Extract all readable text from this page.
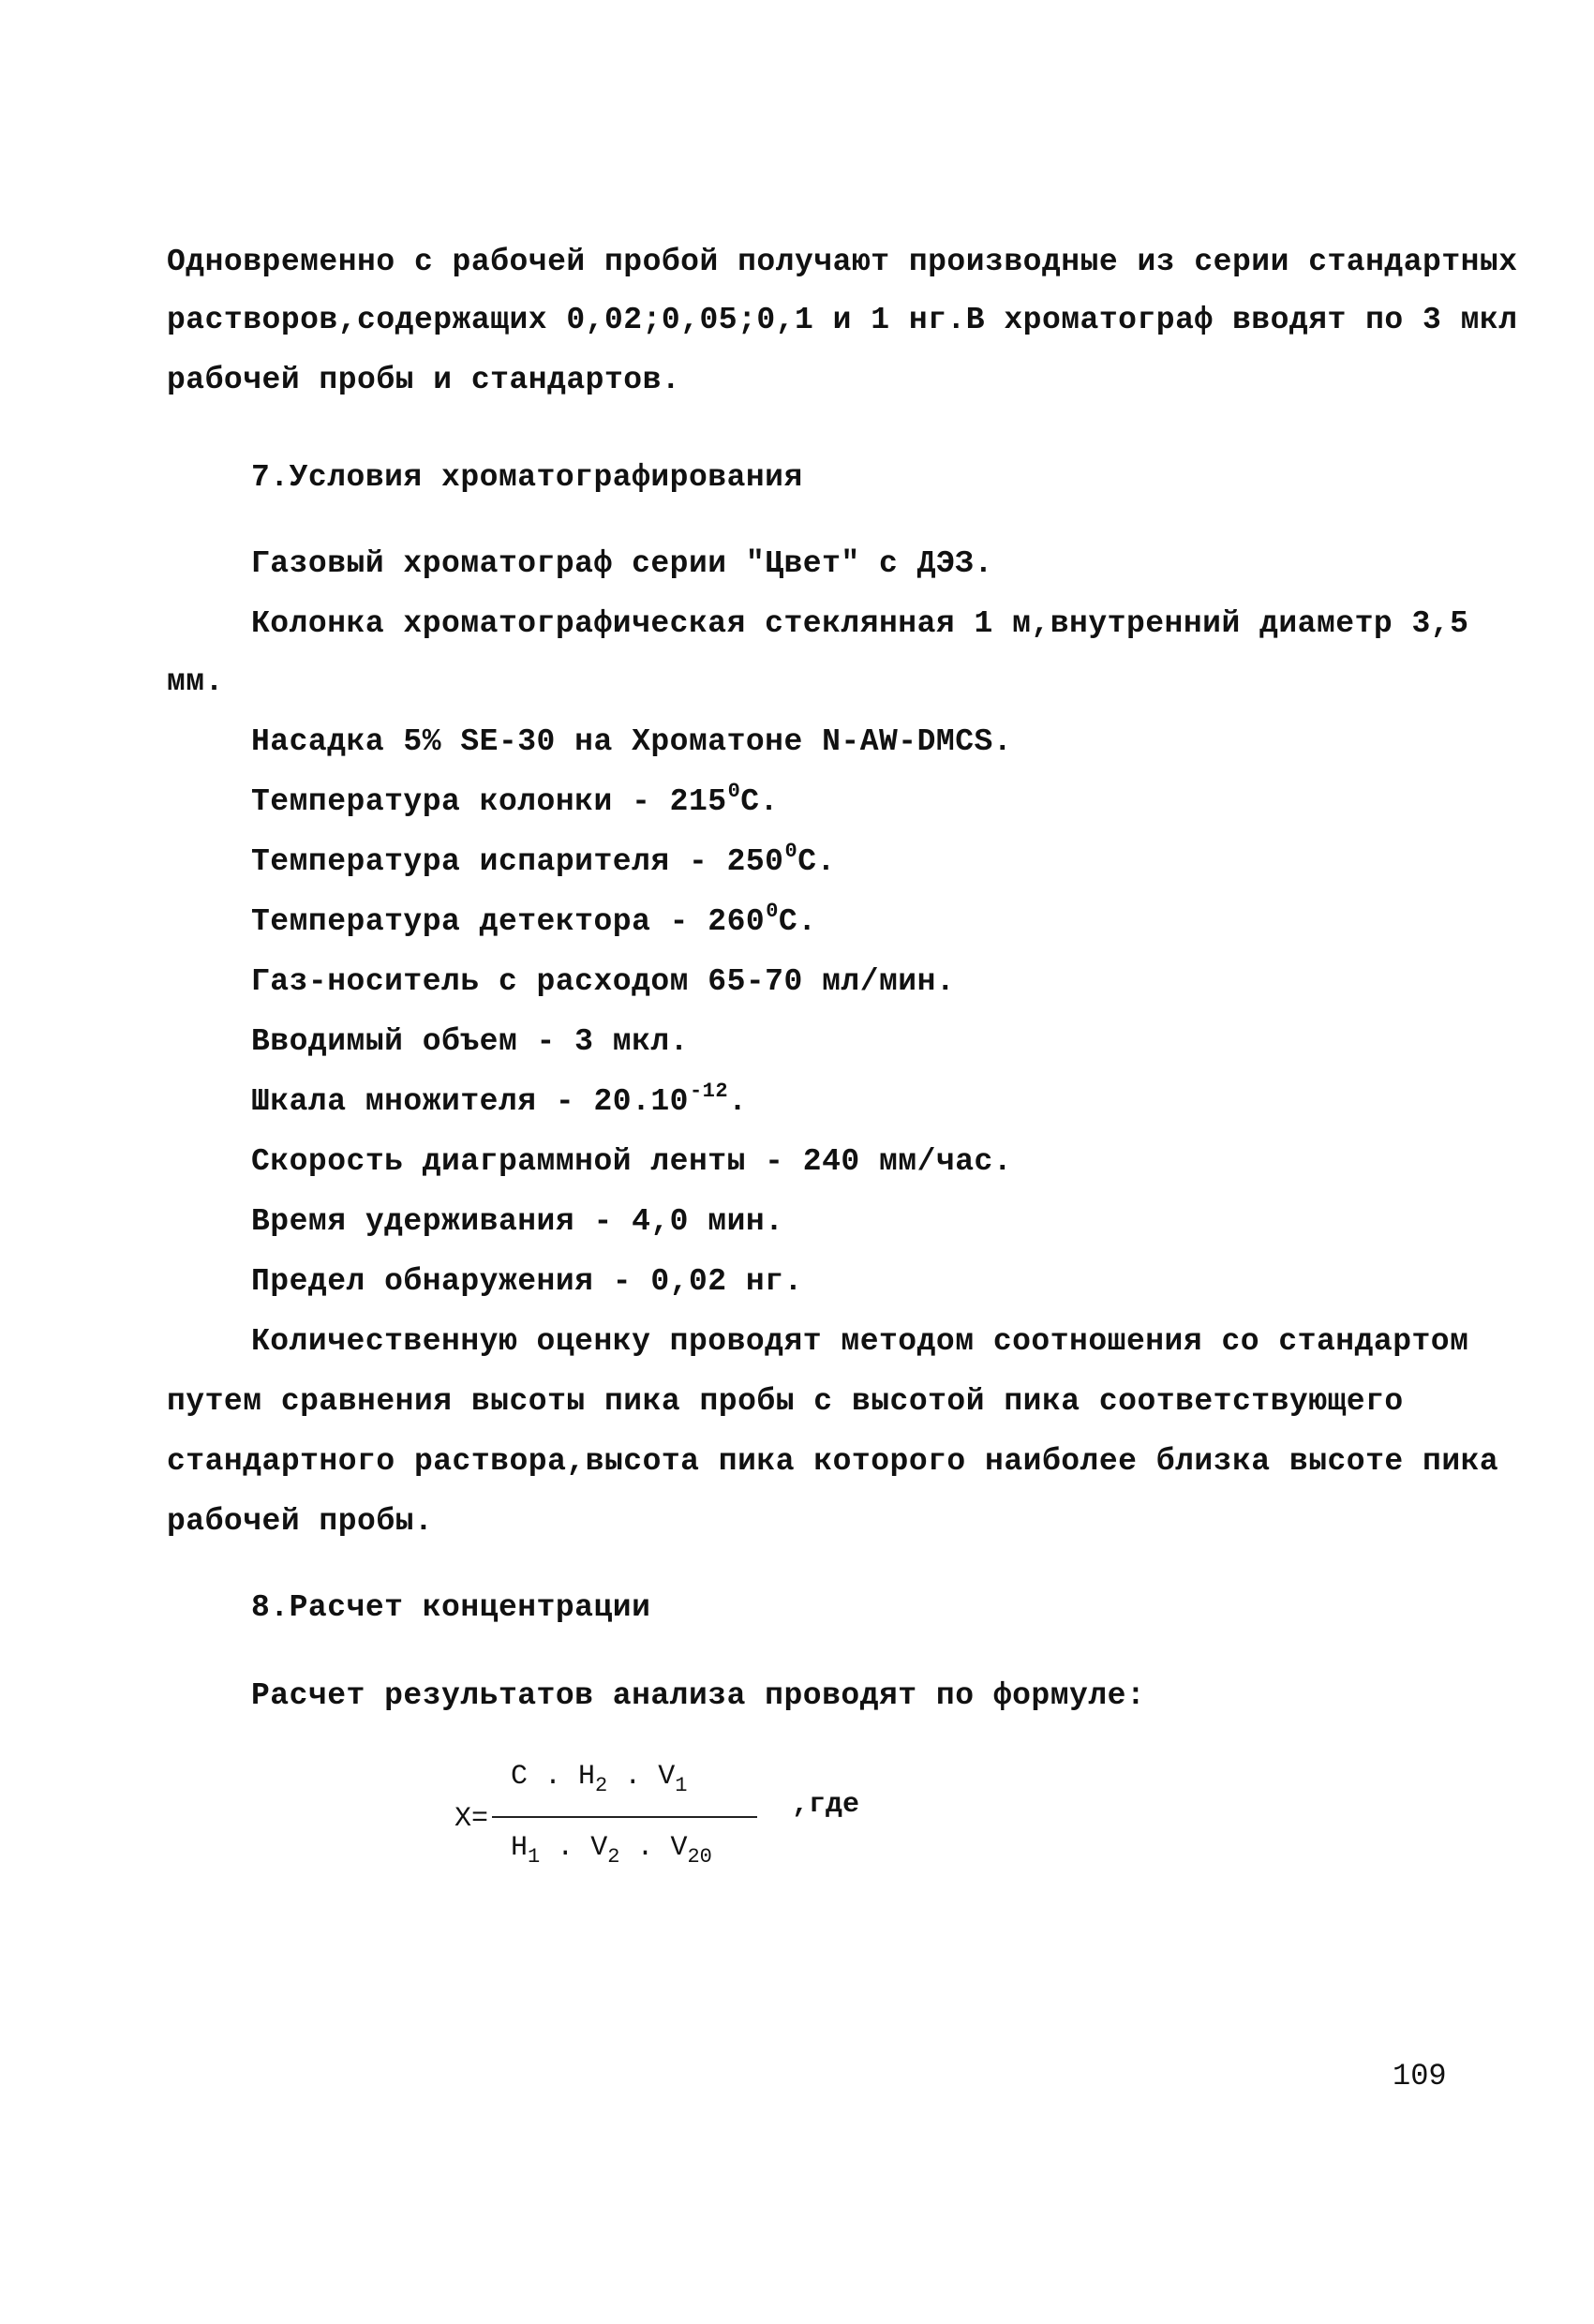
Одновременно с рабочей пробой получают производные из серии стандартных
растворов,содержащих 0,02;0,05;0,1 и 1 нг.В хроматограф вводят по 3 мкл
рабочей пробы и стандартов.
7.Условия хроматографирования
Газовый хроматограф серии "Цвет" с ДЭЗ.
Колонка хроматографическая стеклянная 1 м,внутренний диаметр 3,5
мм.
Насадка 5% SE-30 на Хроматоне N-AW-DMCS.
Температура колонки - $215^0С$.
Температура испарителя - $250^0С$.
Температура детектора - $260^0С$.
Газ-носитель с расходом 65-70 мл/мин.
Вводимый объем - 3 мкл.
Шкала множителя - $20.10^{-12}$.
Скорость диаграммной ленты - 240 мм/час.
Время удерживания - 4,0 мин.
Предел обнаружения - 0,02 нг.
Количественную оценку проводят методом соотношения со стандартом
путем сравнения высоты пика пробы с высотой пика соответствующего
стандартного раствора,высота пика которого наиболее близка высоте пика
рабочей пробы.
8.Расчет концентрации
Расчет результатов анализа проводят по формуле:
X=
C . $H_2$ . $V_1$
$H_1$ . $V_2$ . $V_{20}$
,где
109
